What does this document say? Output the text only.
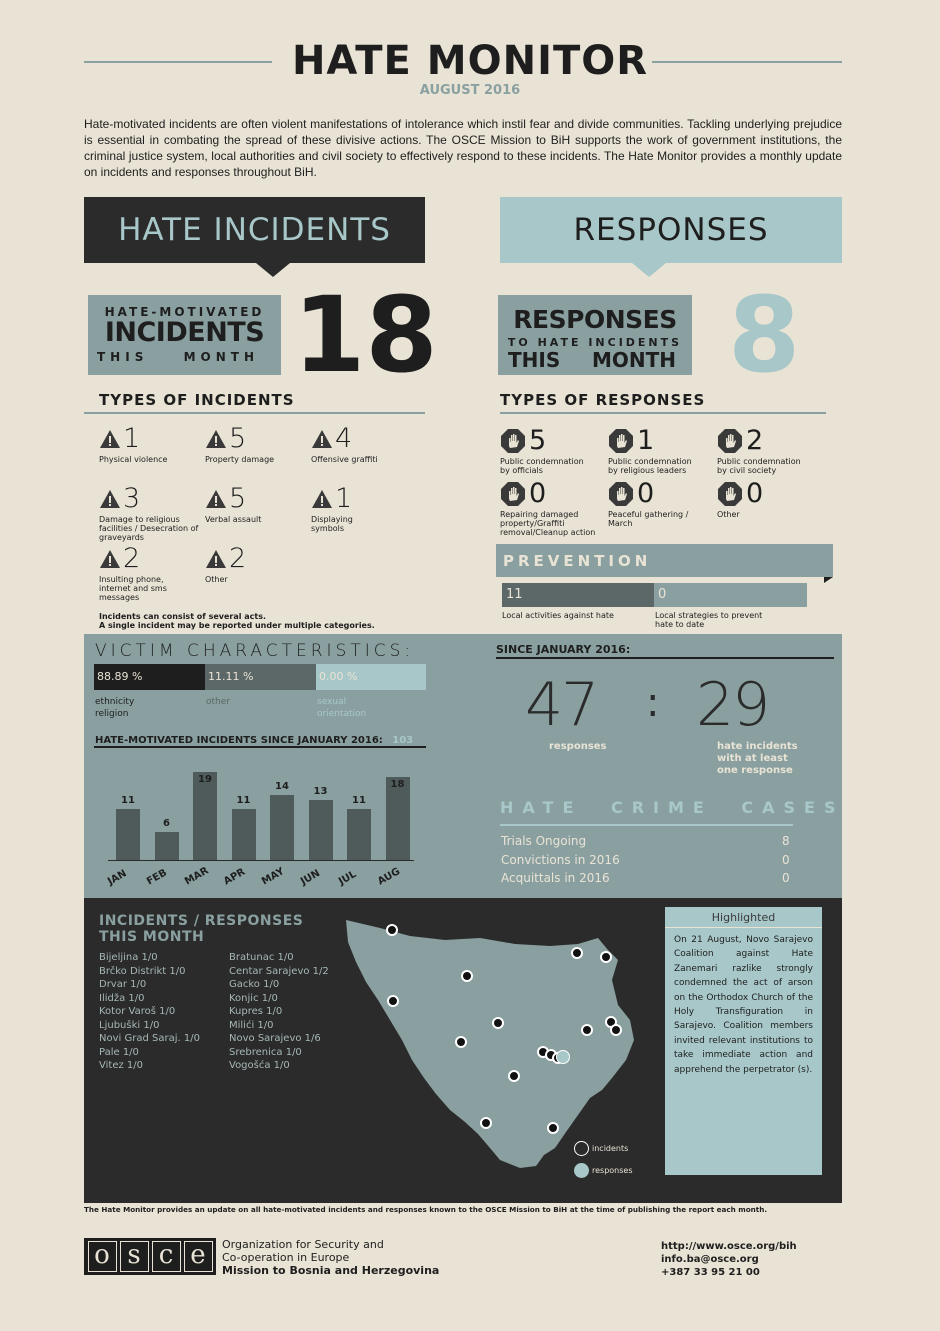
HATE MONITOR
AUGUST 2016
Hate-motivated incidents are often violent manifestations of intolerance which instil fear and divide communities. Tackling underlying prejudice is essential in combating the spread of these divisive actions. The OSCE Mission to BiH supports the work of government institutions, the criminal justice system, local authorities and civil society to effectively respond to these incidents. The Hate Monitor provides a monthly update on incidents and responses throughout BiH.
HATE INCIDENTS	RESPONSES
HATE-MOTIVATED
INCIDENTS
THIS	MONTH 18	RESPONSES
TO HATE INCIDENTS
THIS MONTH 8
TYPES OF INCIDENTS
1
Physical violence
5
Property damage
4
Offensive graffiti
3
Damage to religious facilities / Desecration of graveyards
5
Verbal assault
1
Displaying symbols
2
Insulting phone, internet and sms messages
2
Other
Incidents can consist of several acts.
A single incident may be reported under multiple categories.
TYPES OF RESPONSES
5
Public condemnation by officials
1
Public condemnation by religious leaders
2
Public condemnation by civil society
0
Repairing damaged property/Graffiti removal/Cleanup action
0
Peaceful gathering / March
0
Other
PREVENTION
11	0
Local activities against hate	Local strategies to prevent hate to date
VICTIM CHARACTERISTICS:
88.89 %	11.11 %	0.00 %
ethnicity religion
other	sexual orientation
HATE-MOTIVATED INCIDENTS SINCE JANUARY 2016: 103
11
JAN
6
FEB
19
MAR
11
APR
14
MAY
13
JUN
11
JUL
18
AUG
SINCE JANUARY 2016:
47 : 29
responses	hate incidents with at least one response
HATE CRIME CASES
Trials Ongoing	8
Convictions in 2016	0
Acquittals in 2016	0
INCIDENTS / RESPONSES
THIS MONTH
Bijeljina 1/0
Brčko Distrikt 1/0
Drvar 1/0
Ilidža 1/0
Kotor Varoš 1/0
Ljubuški 1/0
Novi Grad Saraj. 1/0
Pale 1/0
Vitez 1/0
Bratunac 1/0
Centar Sarajevo 1/2
Gacko 1/0
Konjic 1/0
Kupres 1/0
Milići 1/0
Novo Sarajevo 1/6
Srebrenica 1/0
Vogošća 1/0
incidents
responses
Highlighted
On 21 August, Novo Sarajevo Coalition against Hate Zanemari razlike strongly condemned the act of arson on the Orthodox Church of the Holy Transfiguration in Sarajevo. Coalition members invited relevant institutions to take immediate action and apprehend the perpetrator (s).
The Hate Monitor provides an update on all hate-motivated incidents and responses known to the OSCE Mission to BiH at the time of publishing the report each month.
o s c e	Organization for Security and
Co-operation in Europe
Mission to Bosnia and Herzegovina
http://www.osce.org/bih
info.ba@osce.org
+387 33 95 21 00
